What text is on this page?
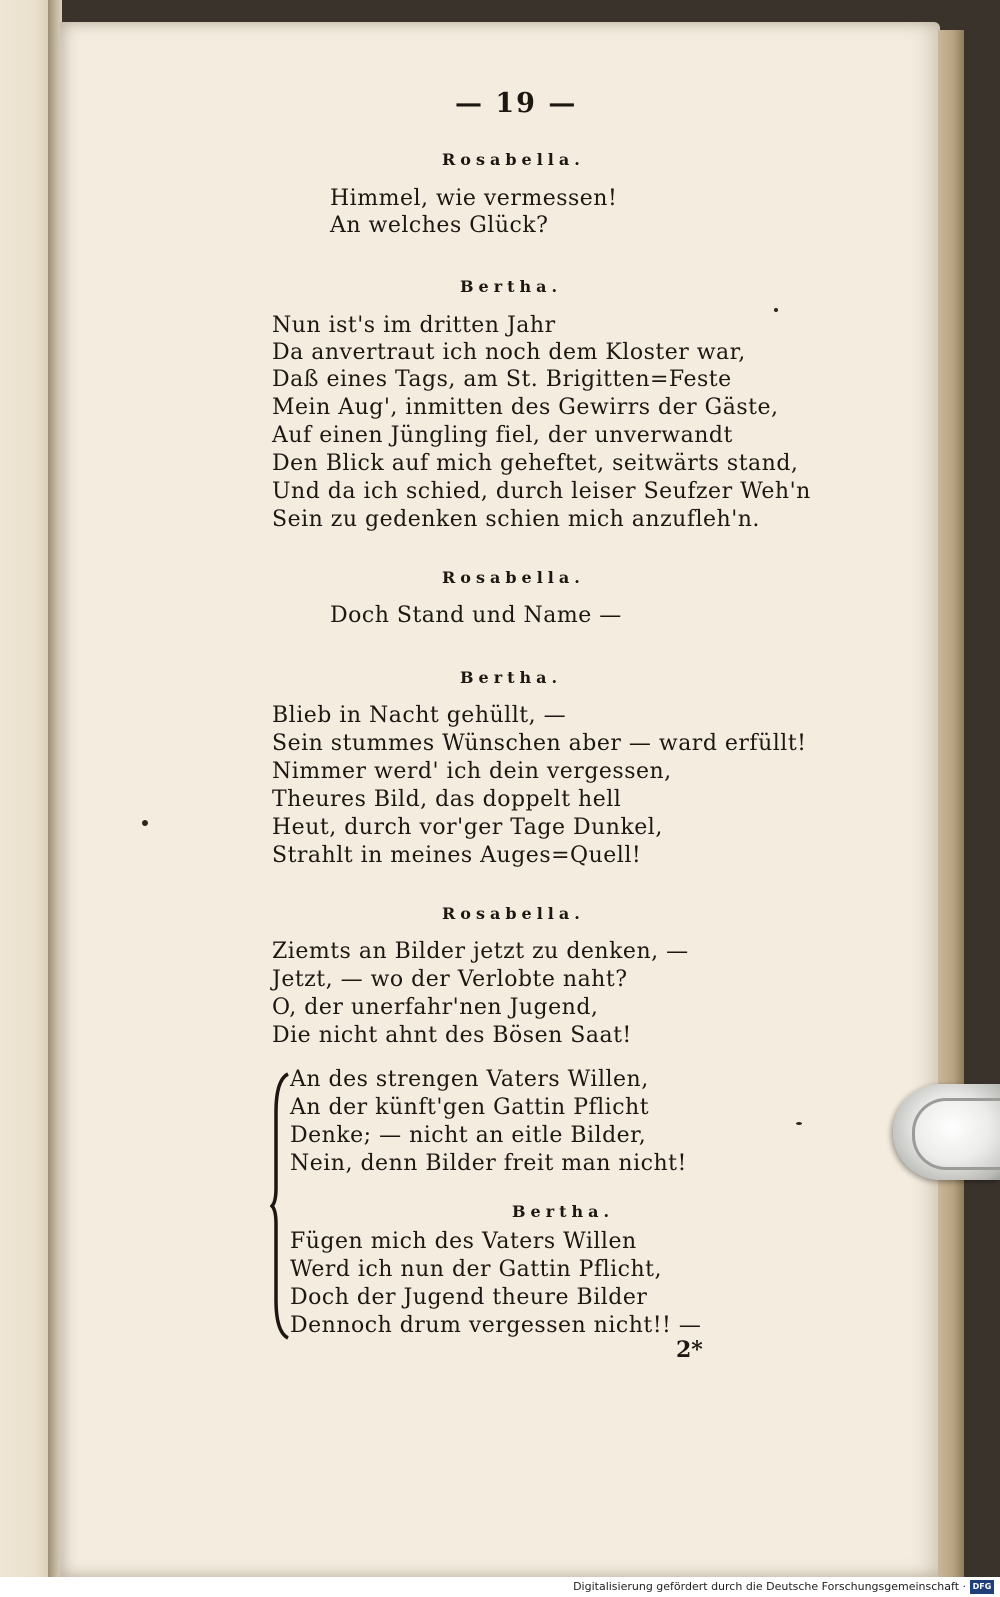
— 19 —
Rosabella.
Himmel, wie vermessen!
An welches Glück?
Bertha.
Nun ist's im dritten Jahr
Da anvertraut ich noch dem Kloster war,
Daß eines Tags, am St. Brigitten=Feste
Mein Aug', inmitten des Gewirrs der Gäste,
Auf einen Jüngling fiel, der unverwandt
Den Blick auf mich geheftet, seitwärts stand,
Und da ich schied, durch leiser Seufzer Weh'n
Sein zu gedenken schien mich anzufleh'n.
Rosabella.
Doch Stand und Name —
Bertha.
Blieb in Nacht gehüllt, —
Sein stummes Wünschen aber — ward erfüllt!
Nimmer werd' ich dein vergessen,
Theures Bild, das doppelt hell
Heut, durch vor'ger Tage Dunkel,
Strahlt in meines Auges=Quell!
Rosabella.
Ziemts an Bilder jetzt zu denken, —
Jetzt, — wo der Verlobte naht?
O, der unerfahr'nen Jugend,
Die nicht ahnt des Bösen Saat!
An des strengen Vaters Willen,
An der künft'gen Gattin Pflicht
Denke; — nicht an eitle Bilder,
Nein, denn Bilder freit man nicht!
Bertha.
Fügen mich des Vaters Willen
Werd ich nun der Gattin Pflicht,
Doch der Jugend theure Bilder
Dennoch drum vergessen nicht!! —
2*
Digitalisierung gefördert durch die Deutsche Forschungsgemeinschaft · DFG
